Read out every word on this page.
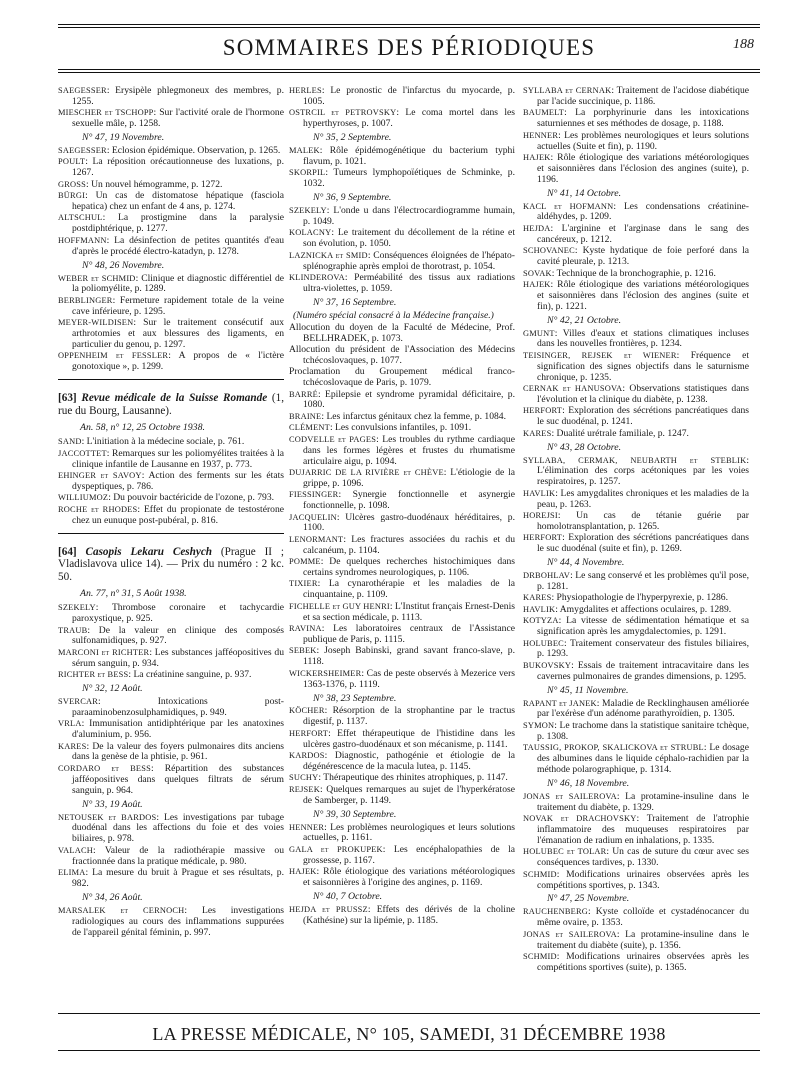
SOMMAIRES DES PÉRIODIQUES	188
SAEGESSER: Erysipèle phlegmoneux des membres, p. 1255.
MIESCHER et TSCHOPP: Sur l'activité orale de l'hormone sexuelle mâle, p. 1258.
N° 47, 19 Novembre.
SAEGESSER: Eclosion épidémique. Observation, p. 1265.
POULT: La réposition orécautionneuse des luxations, p. 1267.
GROSS: Un nouvel hémogramme, p. 1272.
BÜRGI: Un cas de distomatose hépatique (fasciola hepatica) chez un enfant de 4 ans, p. 1274.
ALTSCHUL: La prostigmine dans la paralysie postdiphtérique, p. 1277.
HOFFMANN: La désinfection de petites quantités d'eau d'après le procédé électro-katadyn, p. 1278.
N° 48, 26 Novembre.
WEBER et SCHMID: Clinique et diagnostic différentiel de la poliomyélite, p. 1289.
BERBLINGER: Fermeture rapidement totale de la veine cave inférieure, p. 1295.
MEYER-WILDISEN: Sur le traitement consécutif aux arthrotomies et aux blessures des ligaments, en particulier du genou, p. 1297.
OPPENHEIM et FESSLER: A propos de « l'ictère gonotoxique », p. 1299.
[63] Revue médicale de la Suisse Romande (1, rue du Bourg, Lausanne).
An. 58, n° 12, 25 Octobre 1938.
SAND: L'initiation à la médecine sociale, p. 761.
JACCOTTET: Remarques sur les poliomyélites traitées à la clinique infantile de Lausanne en 1937, p. 773.
EHINGER et SAVOY: Action des ferments sur les états dyspeptiques, p. 786.
WILLIUMOZ: Du pouvoir bactéricide de l'ozone, p. 793.
ROCHE et RHODES: Effet du propionate de testostérone chez un eunuque post-pubéral, p. 816.
[64] Casopis Lekaru Ceshych (Prague II ; Vladislavova ulice 14). — Prix du numéro : 2 kc. 50.
An. 77, n° 31, 5 Août 1938.
SZEKELY: Thrombose coronaire et tachycardie paroxystique, p. 925.
TRAUB: De la valeur en clinique des composés sulfonamidiques, p. 927.
MARCONI et RICHTER: Les substances jafféopositives du sérum sanguin, p. 934.
RICHTER et BESS: La créatinine sanguine, p. 937.
N° 32, 12 Août.
SVERCAR: Intoxications post-paraaminobenzosulphamidiques, p. 949.
VRLA: Immunisation antidiphtérique par les anatoxines d'aluminium, p. 956.
KARES: De la valeur des foyers pulmonaires dits anciens dans la genèse de la phtisie, p. 961.
CORDARO et BESS: Répartition des substances jafféopositives dans quelques filtrats de sérum sanguin, p. 964.
N° 33, 19 Août.
NETOUSEK et BARDOS: Les investigations par tubage duodénal dans les affections du foie et des voies biliaires, p. 978.
VALACH: Valeur de la radiothérapie massive ou fractionnée dans la pratique médicale, p. 980.
ELIMA: La mesure du bruit à Prague et ses résultats, p. 982.
N° 34, 26 Août.
MARSALEK et CERNOCH: Les investigations radiologiques au cours des inflammations suppurées de l'appareil génital féminin, p. 997.
HERLES: Le pronostic de l'infarctus du myocarde, p. 1005.
OSTRCIL et PETROVSKY: Le coma mortel dans les hyperthyroses, p. 1007.
N° 35, 2 Septembre.
MALEK: Rôle épidémogénétique du bacterium typhi flavum, p. 1021.
SKORPIL: Tumeurs lymphopoïétiques de Schminke, p. 1032.
N° 36, 9 Septembre.
SZEKELY: L'onde u dans l'électrocardiogramme humain, p. 1049.
KOLACNY: Le traitement du décollement de la rétine et son évolution, p. 1050.
LAZNICKA et SMID: Conséquences éloignées de l'hépato-splénographie après emploi de thorotrast, p. 1054.
KLINDEROVA: Perméabilité des tissus aux radiations ultra-violettes, p. 1059.
N° 37, 16 Septembre.
(Numéro spécial consacré à la Médecine française.)
Allocution du doyen de la Faculté de Médecine, Prof. BELLHRADEK, p. 1073.
Allocution du président de l'Association des Médecins tchécoslovaques, p. 1077.
Proclamation du Groupement médical franco-tchécoslovaque de Paris, p. 1079.
BARRÉ: Epilepsie et syndrome pyramidal déficitaire, p. 1080.
BRAINE: Les infarctus génitaux chez la femme, p. 1084.
CLÉMENT: Les convulsions infantiles, p. 1091.
CODVELLE et PAGES: Les troubles du rythme cardiaque dans les formes légères et frustes du rhumatisme articulaire aigu, p. 1094.
DUJARRIC DE LA RIVIÈRE et CHÈVE: L'étiologie de la grippe, p. 1096.
FIESSINGER: Synergie fonctionnelle et asynergie fonctionnelle, p. 1098.
JACQUELIN: Ulcères gastro-duodénaux héréditaires, p. 1100.
LENORMANT: Les fractures associées du rachis et du calcanéum, p. 1104.
POMME: De quelques recherches histochimiques dans certains syndromes neurologiques, p. 1106.
TIXIER: La cynarothérapie et les maladies de la cinquantaine, p. 1109.
FICHELLE et GUY HENRI: L'Institut français Ernest-Denis et sa section médicale, p. 1113.
RAVINA: Les laboratoires centraux de l'Assistance publique de Paris, p. 1115.
SEBEK: Joseph Babinski, grand savant franco-slave, p. 1118.
WICKERSHEIMER: Cas de peste observés à Mezerice vers 1363-1376, p. 1119.
N° 38, 23 Septembre.
KÖCHER: Résorption de la strophantine par le tractus digestif, p. 1137.
HERFORT: Effet thérapeutique de l'histidine dans les ulcères gastro-duodénaux et son mécanisme, p. 1141.
KARDOS: Diagnostic, pathogénie et étiologie de la dégénérescence de la macula lutea, p. 1145.
SUCHY: Thérapeutique des rhinites atrophiques, p. 1147.
REJSEK: Quelques remarques au sujet de l'hyperkératose de Samberger, p. 1149.
N° 39, 30 Septembre.
HENNER: Les problèmes neurologiques et leurs solutions actuelles, p. 1161.
GALA et PROKUPEK: Les encéphalopathies de la grossesse, p. 1167.
HAJEK: Rôle étiologique des variations météorologiques et saisonnières à l'origine des angines, p. 1169.
N° 40, 7 Octobre.
HEJDA et PRUSSZ: Effets des dérivés de la choline (Kathésine) sur la lipémie, p. 1185.
SYLLABA et CERNAK: Traitement de l'acidose diabétique par l'acide succinique, p. 1186.
BAUMELT: La porphyrinurie dans les intoxications saturniennes et ses méthodes de dosage, p. 1188.
HENNER: Les problèmes neurologiques et leurs solutions actuelles (Suite et fin), p. 1190.
HAJEK: Rôle étiologique des variations météorologiques et saisonnières dans l'éclosion des angines (suite), p. 1196.
N° 41, 14 Octobre.
KACL et HOFMANN: Les condensations créatinine-aldéhydes, p. 1209.
HEJDA: L'arginine et l'arginase dans le sang des cancéreux, p. 1212.
SCHOVANEC: Kyste hydatique de foie perforé dans la cavité pleurale, p. 1213.
SOVAK: Technique de la bronchographie, p. 1216.
HAJEK: Rôle étiologique des variations météorologiques et saisonnières dans l'éclosion des angines (suite et fin), p. 1221.
N° 42, 21 Octobre.
GMUNT: Villes d'eaux et stations climatiques incluses dans les nouvelles frontières, p. 1234.
TEISINGER, REJSEK et WIENER: Fréquence et signification des signes objectifs dans le saturnisme chronique, p. 1235.
CERNAK et HANUSOVA: Observations statistiques dans l'évolution et la clinique du diabète, p. 1238.
HERFORT: Exploration des sécrétions pancréatiques dans le suc duodénal, p. 1241.
KARES: Dualité urétrale familiale, p. 1247.
N° 43, 28 Octobre.
SYLLABA, CERMAK, NEUBARTH et STEBLIK: L'élimination des corps acétoniques par les voies respiratoires, p. 1257.
HAVLIK: Les amygdalites chroniques et les maladies de la peau, p. 1263.
HOREJSI: Un cas de tétanie guérie par homolotransplantation, p. 1265.
HERFORT: Exploration des sécrétions pancréatiques dans le suc duodénal (suite et fin), p. 1269.
N° 44, 4 Novembre.
DRBOHLAV: Le sang conservé et les problèmes qu'il pose, p. 1281.
KARES: Physiopathologie de l'hyperpyrexie, p. 1286.
HAVLIK: Amygdalites et affections oculaires, p. 1289.
KOTYZA: La vitesse de sédimentation hématique et sa signification après les amygdalectomies, p. 1291.
HOLUBEC: Traitement conservateur des fistules biliaires, p. 1293.
BUKOVSKY: Essais de traitement intracavitaire dans les cavernes pulmonaires de grandes dimensions, p. 1295.
N° 45, 11 Novembre.
RAPANT et JANEK: Maladie de Recklinghausen améliorée par l'exérèse d'un adénome parathyroïdien, p. 1305.
SYMON: Le trachome dans la statistique sanitaire tchèque, p. 1308.
TAUSSIG, PROKOP, SKALICKOVA et STRUBL: Le dosage des albumines dans le liquide céphalo-rachidien par la méthode polarographique, p. 1314.
N° 46, 18 Novembre.
JONAS et SAILEROVA: La protamine-insuline dans le traitement du diabète, p. 1329.
NOVAK et DRACHOVSKY: Traitement de l'atrophie inflammatoire des muqueuses respiratoires par l'émanation de radium en inhalations, p. 1335.
HOLUBEC et TOLAR: Un cas de suture du cœur avec ses conséquences tardives, p. 1330.
SCHMID: Modifications urinaires observées après les compétitions sportives, p. 1343.
N° 47, 25 Novembre.
RAUCHENBERG: Kyste colloïde et cystadénocancer du même ovaire, p. 1353.
JONAS et SAILEROVA: La protamine-insuline dans le traitement du diabète (suite), p. 1356.
SCHMID: Modifications urinaires observées après les compétitions sportives (suite), p. 1365.
LA PRESSE MÉDICALE, N° 105, SAMEDI, 31 DÉCEMBRE 1938
